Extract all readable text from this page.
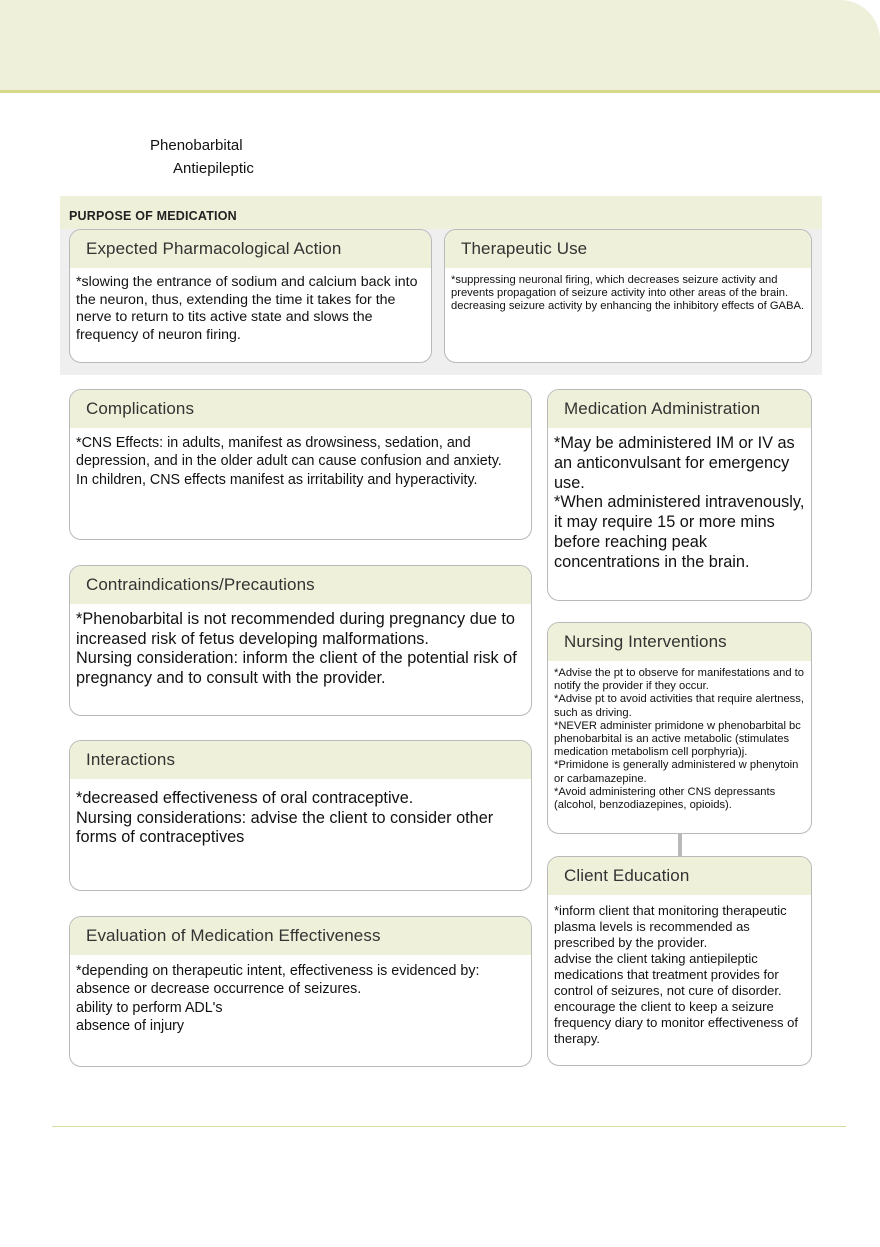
Phenobarbital
Antiepileptic
PURPOSE OF MEDICATION
Expected Pharmacological Action
*slowing the entrance of sodium and calcium back into the neuron, thus, extending the time it takes for the nerve to return to tits active state and slows the frequency of neuron firing.
Therapeutic Use
*suppressing neuronal firing, which decreases seizure activity and prevents propagation of seizure activity into other areas of the brain.
decreasing seizure activity by enhancing the inhibitory effects of GABA.
Complications
*CNS Effects: in adults, manifest as drowsiness, sedation, and depression, and in the older adult can cause confusion and anxiety.
In children, CNS effects manifest as irritability and hyperactivity.
Medication Administration
*May be administered IM or IV as an anticonvulsant for emergency use.
*When administered intravenously, it may require 15 or more mins before reaching peak concentrations in the brain.
Contraindications/Precautions
*Phenobarbital is not recommended during pregnancy due to increased risk of fetus developing malformations.
Nursing consideration: inform the client of the potential risk of pregnancy and to consult with the provider.
Nursing Interventions
*Advise the pt to observe for manifestations and to notify the provider if they occur.
*Advise pt to avoid activities that require alertness, such as driving.
*NEVER administer primidone w phenobarbital bc phenobarbital is an active metabolic (stimulates medication metabolism cell porphyria)j.
*Primidone is generally administered w phenytoin or carbamazepine.
*Avoid administering other CNS depressants (alcohol, benzodiazepines, opioids).
Interactions
*decreased effectiveness of oral contraceptive.
Nursing considerations: advise the client to consider other forms of contraceptives
Client Education
*inform client that monitoring therapeutic plasma levels is recommended as prescribed by the provider.
advise the client taking antiepileptic medications that treatment provides for control of seizures, not cure of disorder.
encourage the client to keep a seizure frequency diary to monitor effectiveness of therapy.
Evaluation of Medication Effectiveness
*depending on therapeutic intent, effectiveness is evidenced by:
absence or decrease occurrence of seizures.
ability to perform ADL's
absence of injury
